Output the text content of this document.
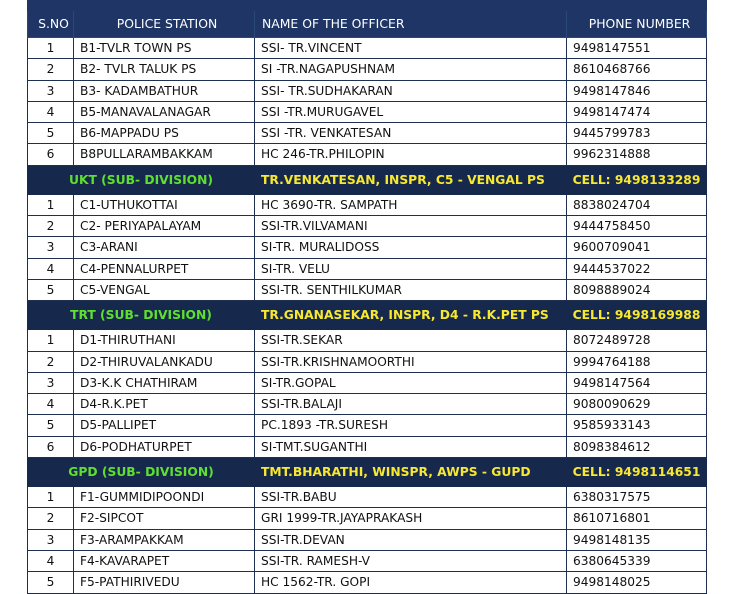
S.NO	POLICE STATION	NAME OF THE OFFICER	PHONE NUMBER
1	B1-TVLR TOWN PS	SSI- TR.VINCENT	9498147551
2	B2- TVLR TALUK PS	SI -TR.NAGAPUSHNAM	8610468766
3	B3- KADAMBATHUR	SSI- TR.SUDHAKARAN	9498147846
4	B5-MANAVALANAGAR	SSI -TR.MURUGAVEL	9498147474
5	B6-MAPPADU PS	SSI -TR. VENKATESAN	9445799783
6	B8PULLARAMBAKKAM	HC 246-TR.PHILOPIN	9962314888
UKT (SUB- DIVISION)		TR.VENKATESAN, INSPR, C5 - VENGAL PS	CELL: 9498133289
1	C1-UTHUKOTTAI	HC 3690-TR. SAMPATH	8838024704
2	C2- PERIYAPALAYAM	SSI-TR.VILVAMANI	9444758450
3	C3-ARANI	SI-TR. MURALIDOSS	9600709041
4	C4-PENNALURPET	SI-TR. VELU	9444537022
5	C5-VENGAL	SSI-TR. SENTHILKUMAR	8098889024
TRT (SUB- DIVISION)		TR.GNANASEKAR, INSPR, D4 - R.K.PET PS	CELL: 9498169988
1	D1-THIRUTHANI	SSI-TR.SEKAR	8072489728
2	D2-THIRUVALANKADU	SSI-TR.KRISHNAMOORTHI	9994764188
3	D3-K.K CHATHIRAM	SI-TR.GOPAL	9498147564
4	D4-R.K.PET	SSI-TR.BALAJI	9080090629
5	D5-PALLIPET	PC.1893 -TR.SURESH	9585933143
6	D6-PODHATURPET	SI-TMT.SUGANTHI	8098384612
GPD (SUB- DIVISION)		TMT.BHARATHI, WINSPR, AWPS - GUPD	CELL: 9498114651
1	F1-GUMMIDIPOONDI	SSI-TR.BABU	6380317575
2	F2-SIPCOT	GRI 1999-TR.JAYAPRAKASH	8610716801
3	F3-ARAMPAKKAM	SSI-TR.DEVAN	9498148135
4	F4-KAVARAPET	SSI-TR. RAMESH-V	6380645339
5	F5-PATHIRIVEDU	HC 1562-TR. GOPI	9498148025
